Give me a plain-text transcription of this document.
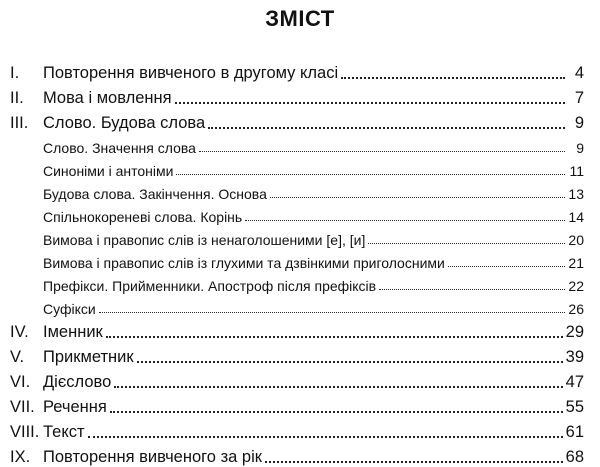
ЗМІСТ
I.	Повторення вивченого в другому класі	4
II.	Мова і мовлення	7
III. Слово. Будова слова	9
Слово. Значення слова	9
Синоніми і антоніми	11
Будова слова. Закінчення. Основа	13
Спільнокореневі слова. Корінь	14
Вимова і правопис слів із ненаголошеними [е], [и]	20
Вимова і правопис слів із глухими та дзвінкими приголосними	21
Префікси. Прийменники. Апостроф після префіксів	22
Суфікси	26
IV. Іменник	29
V.	Прикметник	39
VI. Дієслово	47
VII. Речення	55
VIII. Текст	61
IX. Повторення вивченого за рік	68
